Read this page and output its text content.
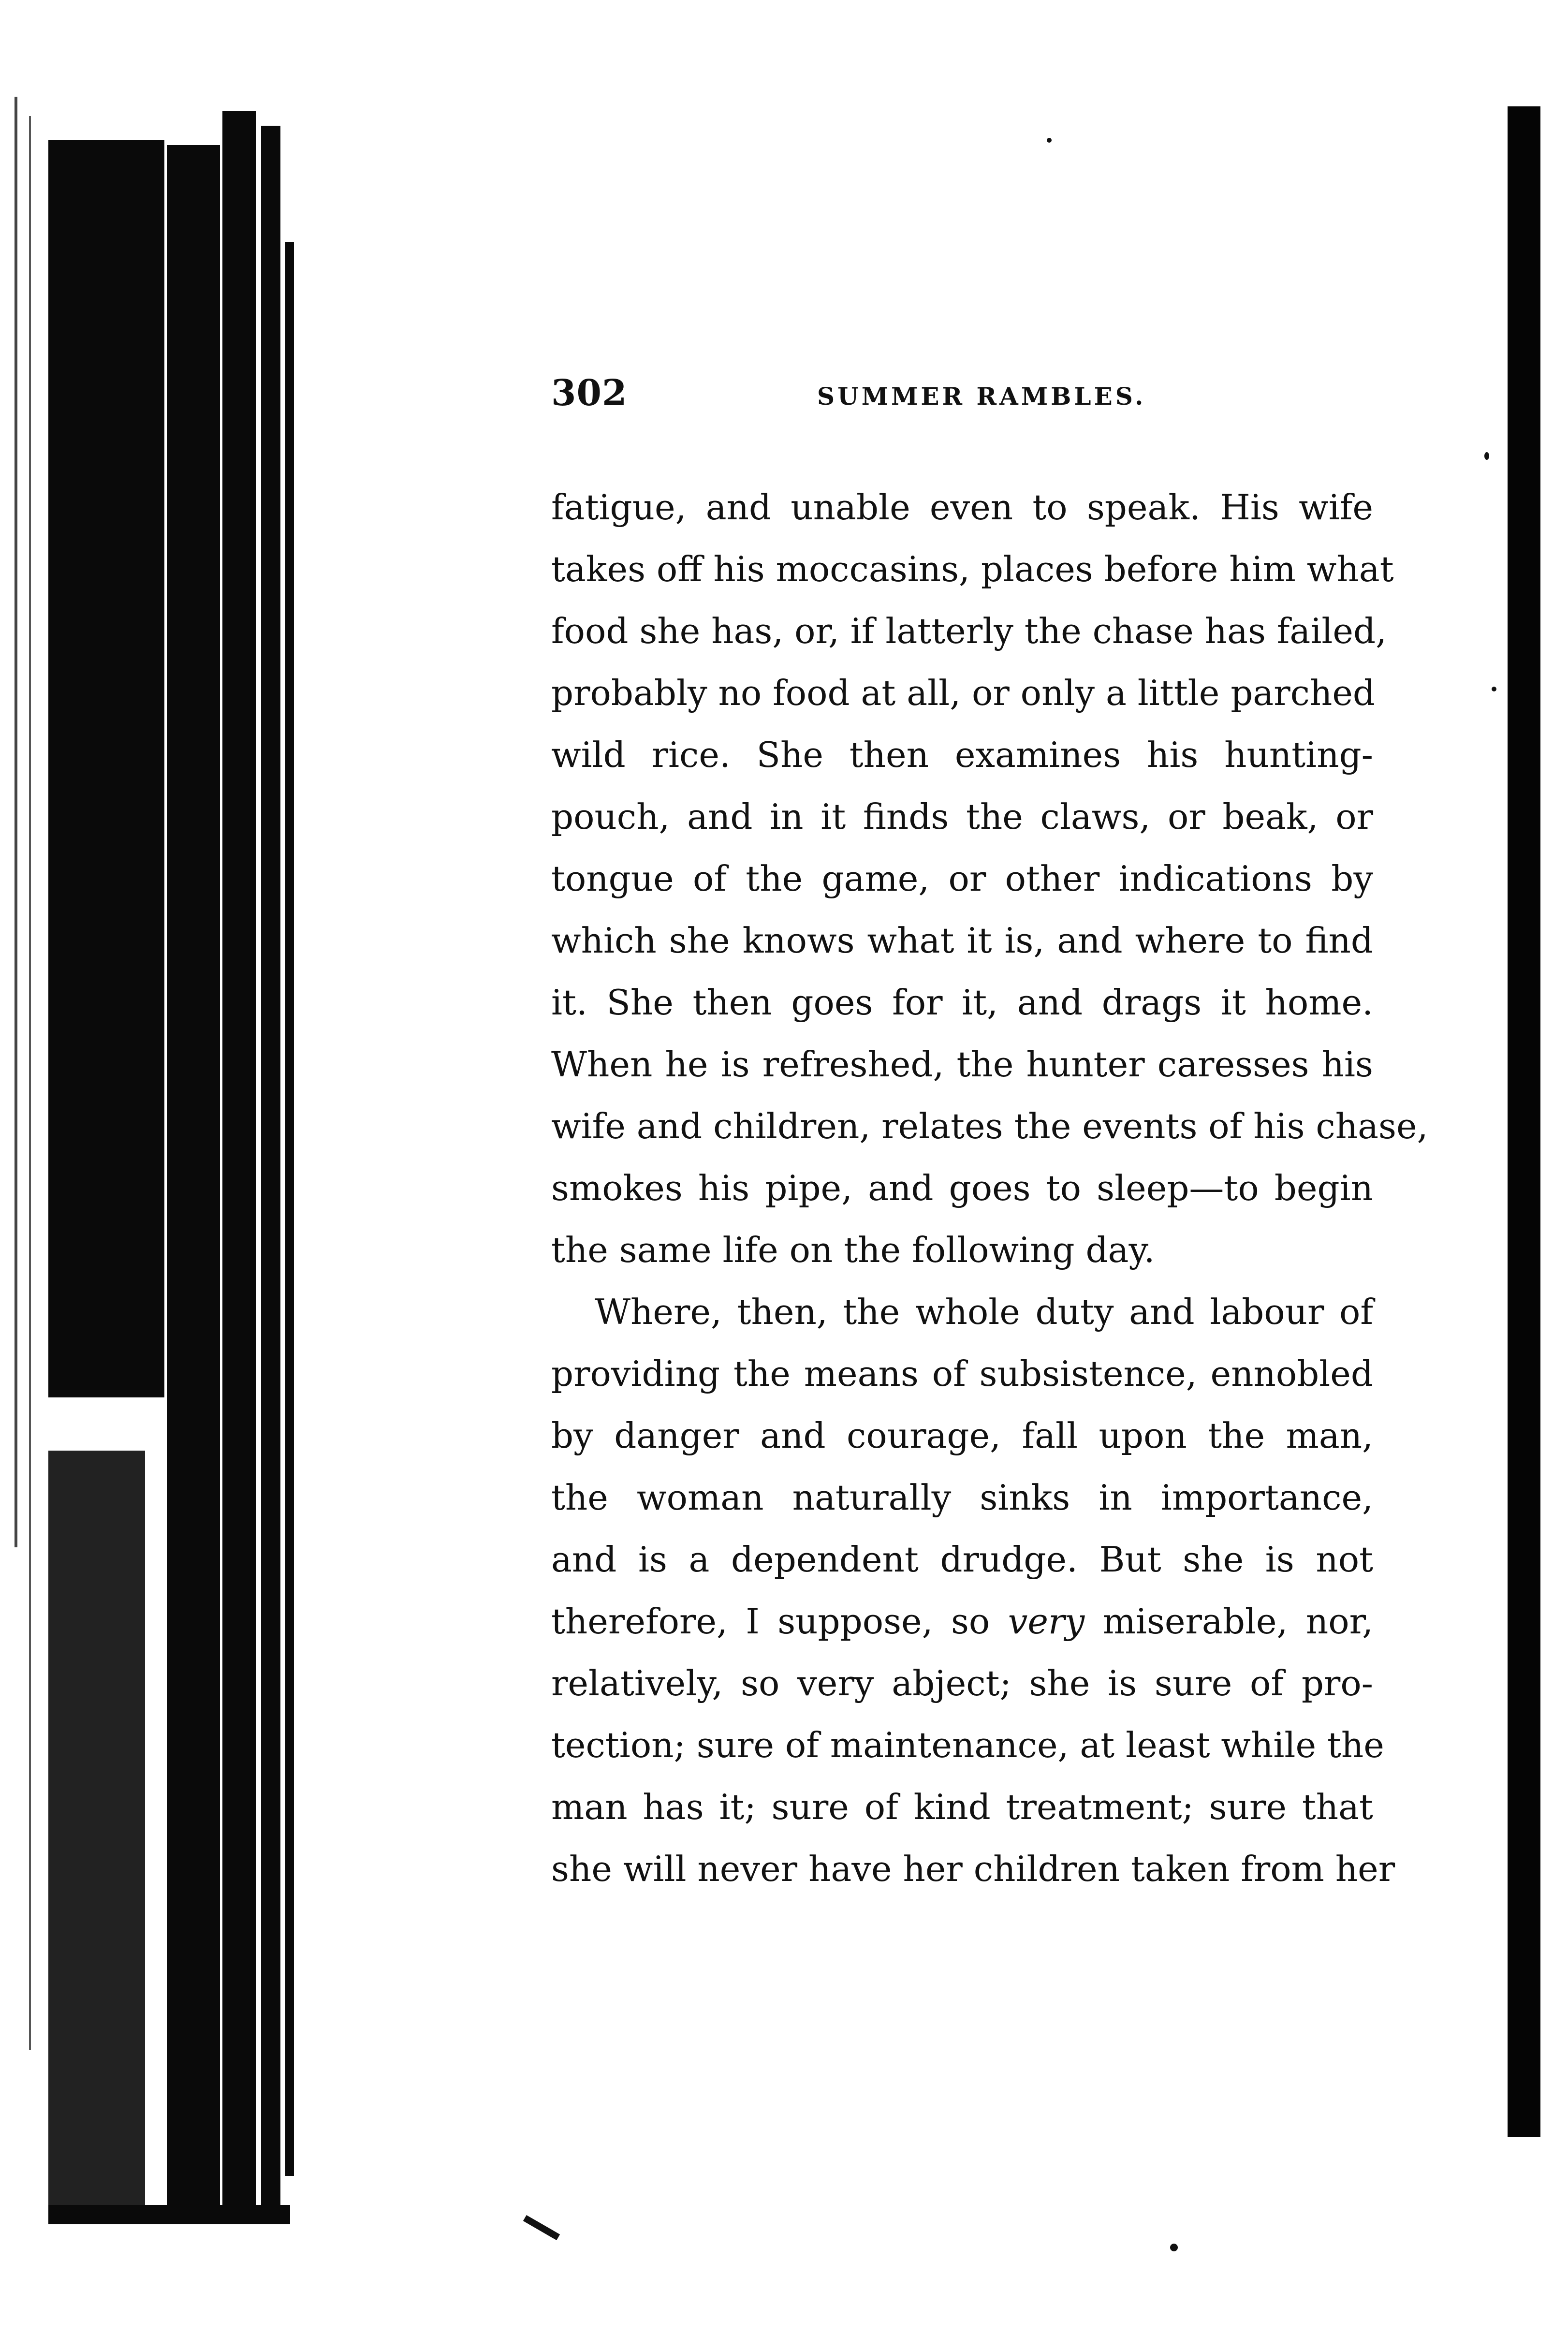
302	SUMMER RAMBLES.
fatigue, and unable even to speak. His wife
takes off his moccasins, places before him what
food she has, or, if latterly the chase has failed,
probably no food at all, or only a little parched
wild rice. She then examines his hunting-
pouch, and in it finds the claws, or beak, or
tongue of the game, or other indications by
which she knows what it is, and where to find
it. She then goes for it, and drags it home.
When he is refreshed, the hunter caresses his
wife and children, relates the events of his chase,
smokes his pipe, and goes to sleep—to begin
the same life on the following day.
Where, then, the whole duty and labour of
providing the means of subsistence, ennobled
by danger and courage, fall upon the man,
the woman naturally sinks in importance,
and is a dependent drudge. But she is not
therefore, I suppose, so very miserable, nor,
relatively, so very abject; she is sure of pro-
tection; sure of maintenance, at least while the
man has it; sure of kind treatment; sure that
she will never have her children taken from her
